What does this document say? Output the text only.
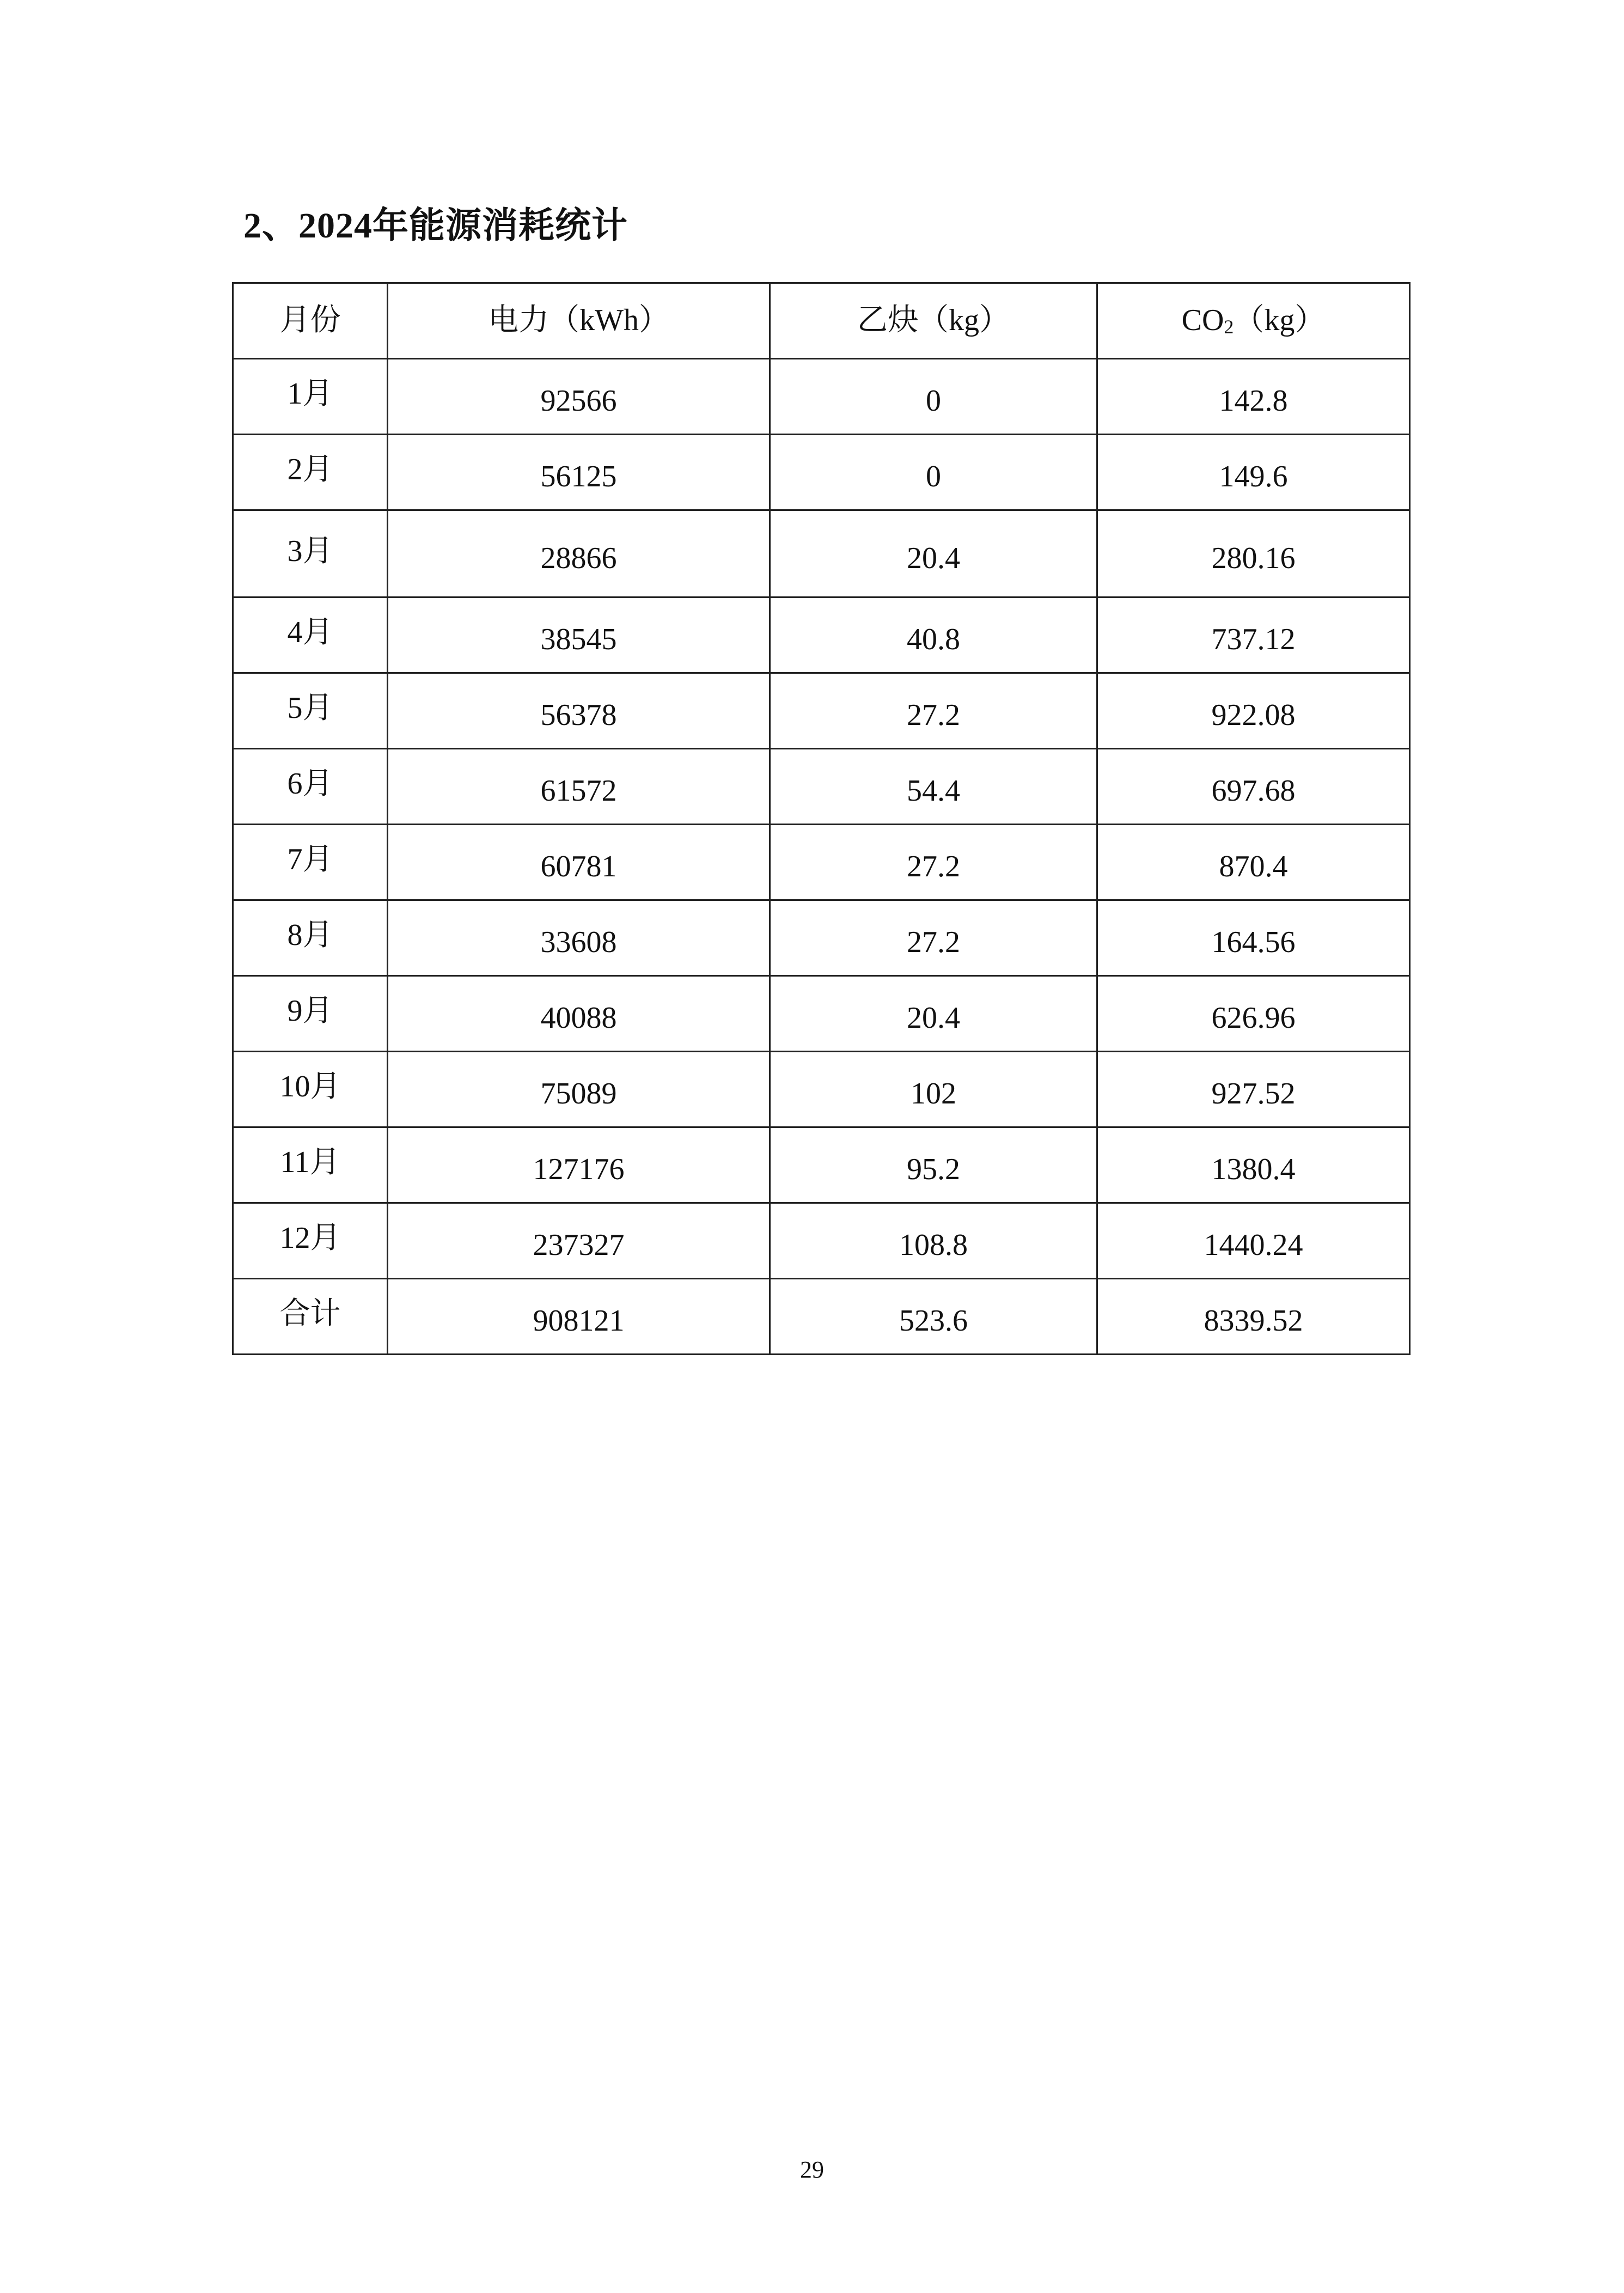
2、2024年能源消耗统计
月份	电力（kWh）	乙炔（kg）	$CO_2(kg)$
1月	92566	0	142.8
2月	56125	0	149.6
3月	28866	20.4	280.16
4月	38545	40.8	737.12
5月	56378	27.2	922.08
6月	61572	54.4	697.68
7月	60781	27.2	870.4
8月	33608	27.2	164.56
9月	40088	20.4	626.96
10月	75089	102	927.52
11月	127176	95.2	1380.4
12月	237327	108.8	1440.24
合计	908121	523.6	8339.52
29
